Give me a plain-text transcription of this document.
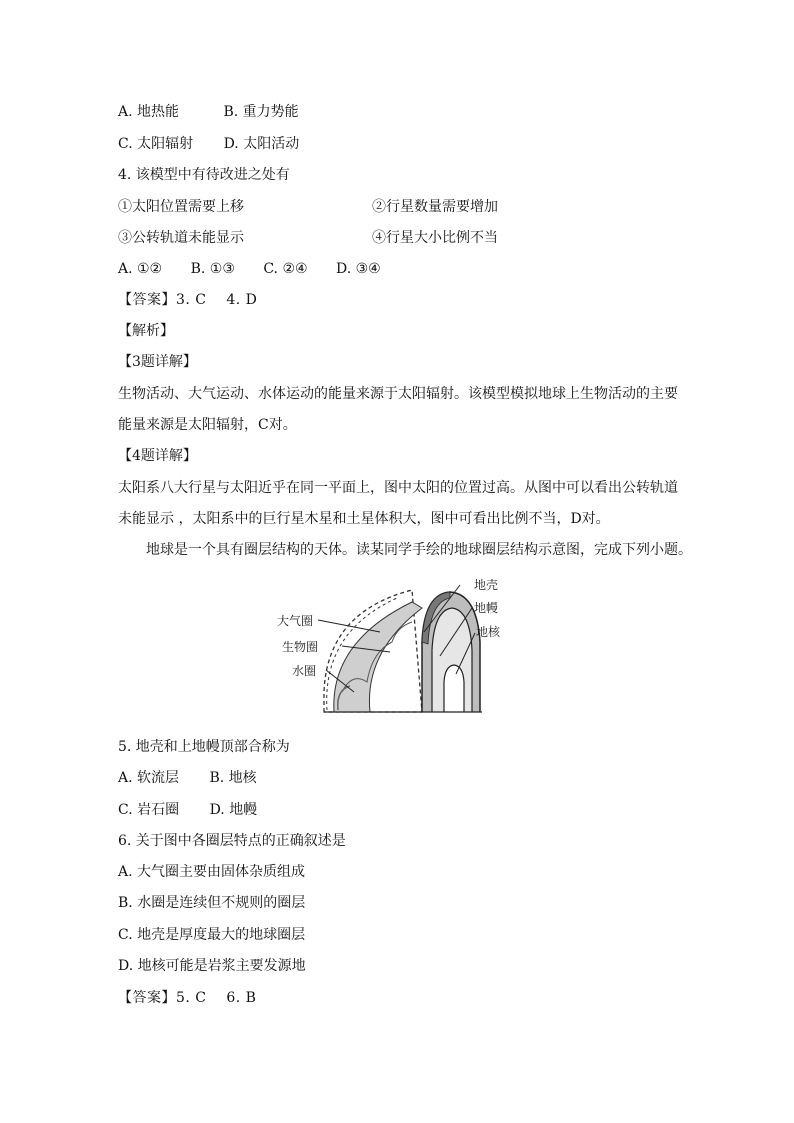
A. 地热能	B. 重力势能
C. 太阳辐射 D. 太阳活动
4. 该模型中有待改进之处有
①太阳位置需要上移	②行星数量需要增加
③公转轨道未能显示	④行星大小比例不当
A. ①② B. ①③ C. ②④ D. ③④
【答案】3. C    4. D
【解析】
【3题详解】
生物活动、大气运动、水体运动的能量来源于太阳辐射。该模型模拟地球上生物活动的主要
能量来源是太阳辐射，C对。
【4题详解】
太阳系八大行星与太阳近乎在同一平面上，图中太阳的位置过高。从图中可以看出公转轨道
未能显示 ，太阳系中的巨行星木星和土星体积大，图中可看出比例不当，D对。
地球是一个具有圈层结构的天体。读某同学手绘的地球圈层结构示意图，完成下列小题。
地壳
地幔
地核
大气圈
生物圈
水圈
5. 地壳和上地幔顶部合称为
A. 软流层 B. 地核
C. 岩石圈 D. 地幔
6. 关于图中各圈层特点的正确叙述是
A. 大气圈主要由固体杂质组成
B. 水圈是连续但不规则的圈层
C. 地壳是厚度最大的地球圈层
D. 地核可能是岩浆主要发源地
【答案】5. C    6. B
